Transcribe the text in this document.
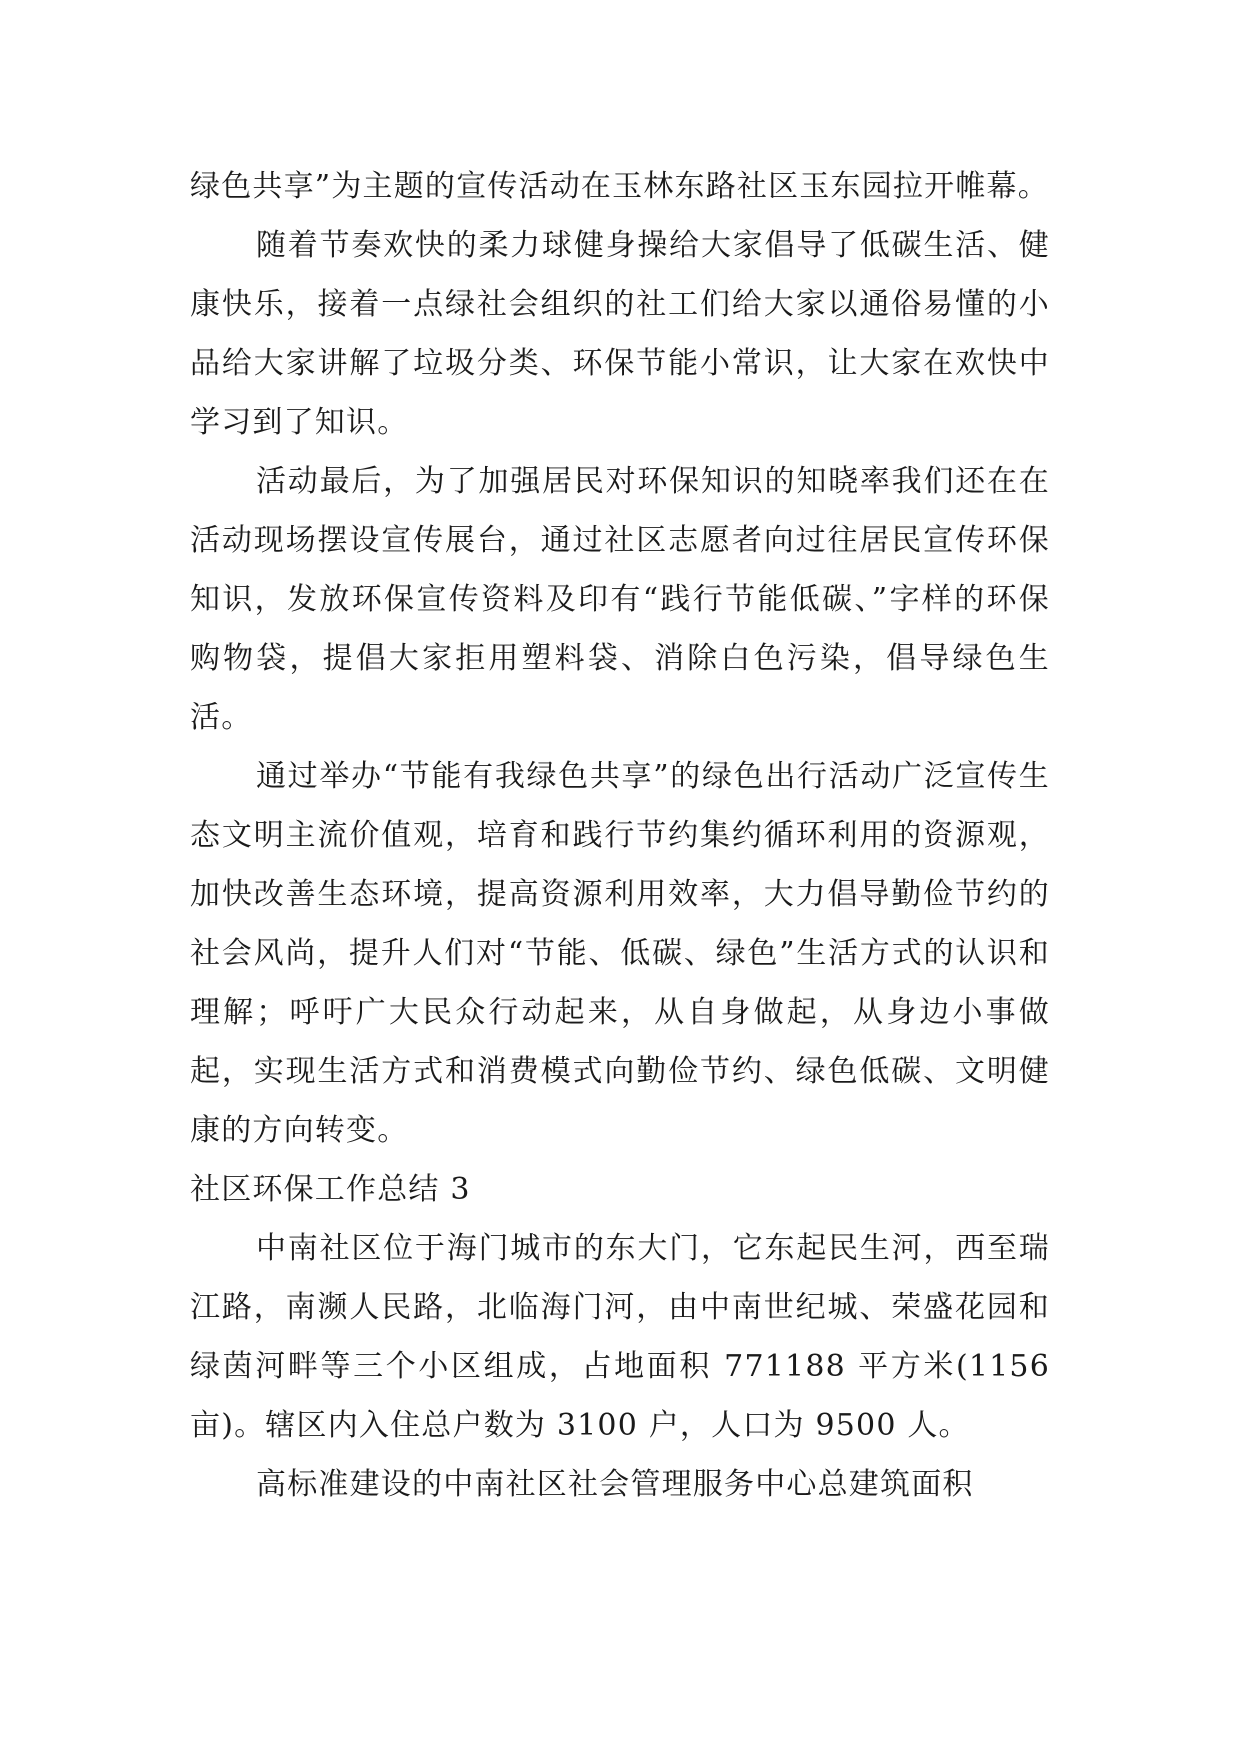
绿色共享”为主题的宣传活动在玉林东路社区玉东园拉开帷幕。

随着节奏欢快的柔力球健身操给大家倡导了低碳生活、健康快乐，接着一点绿社会组织的社工们给大家以通俗易懂的小品给大家讲解了垃圾分类、环保节能小常识，让大家在欢快中学习到了知识。

活动最后，为了加强居民对环保知识的知晓率我们还在在活动现场摆设宣传展台，通过社区志愿者向过往居民宣传环保知识，发放环保宣传资料及印有“践行节能低碳、”字样的环保购物袋，提倡大家拒用塑料袋、消除白色污染，倡导绿色生活。

通过举办“节能有我绿色共享”的绿色出行活动广泛宣传生态文明主流价值观，培育和践行节约集约循环利用的资源观，加快改善生态环境，提高资源利用效率，大力倡导勤俭节约的社会风尚，提升人们对“节能、低碳、绿色”生活方式的认识和理解；呼吁广大民众行动起来，从自身做起，从身边小事做起，实现生活方式和消费模式向勤俭节约、绿色低碳、文明健康的方向转变。

社区环保工作总结 3

中南社区位于海门城市的东大门，它东起民生河，西至瑞江路，南濒人民路，北临海门河，由中南世纪城、荣盛花园和绿茵河畔等三个小区组成，占地面积 771188 平方米(1156 亩)。辖区内入住总户数为 3100 户，人口为 9500 人。

高标准建设的中南社区社会管理服务中心总建筑面积
